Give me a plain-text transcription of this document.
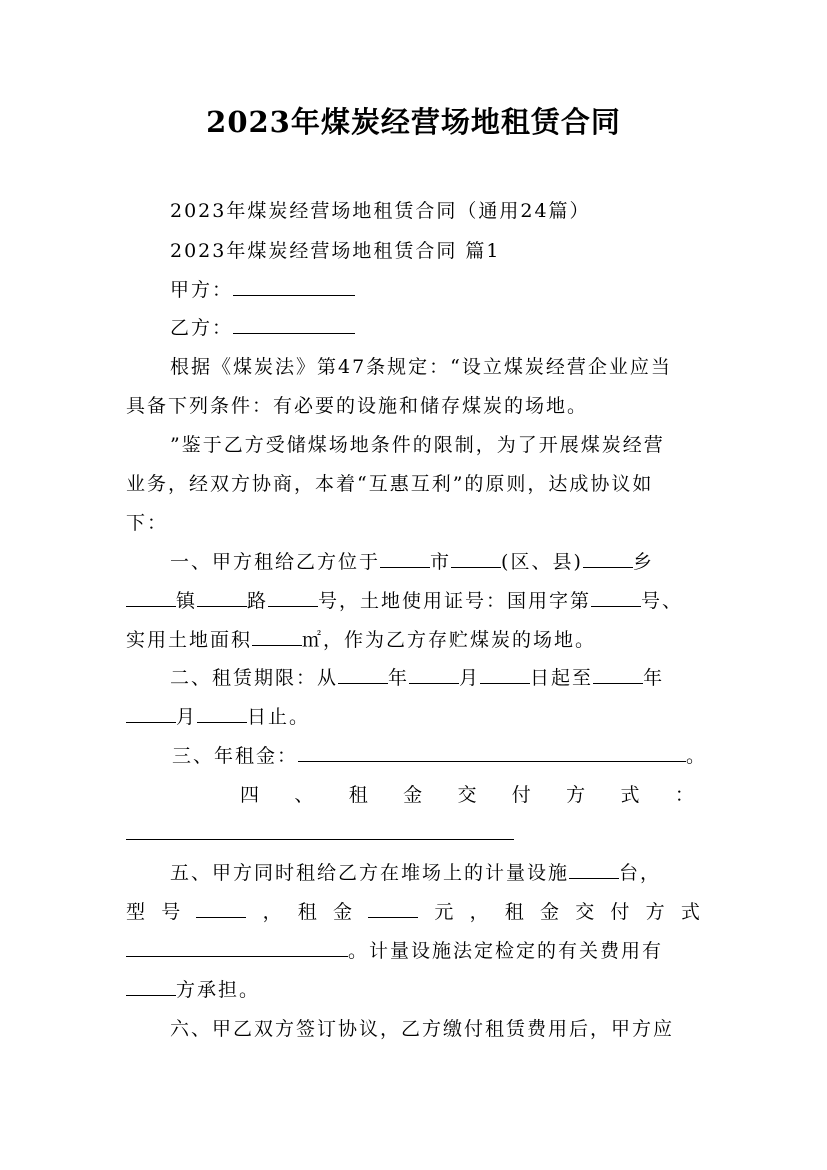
2023年煤炭经营场地租赁合同
2023年煤炭经营场地租赁合同（通用24篇）
2023年煤炭经营场地租赁合同 篇1
甲方：
乙方：
根据《煤炭法》第47条规定：“设立煤炭经营企业应当
具备下列条件：有必要的设施和储存煤炭的场地。
”鉴于乙方受储煤场地条件的限制，为了开展煤炭经营
业务，经双方协商，本着“互惠互利”的原则，达成协议如
下：
一、甲方租给乙方位于	市	(区、县)	乡
镇	路	号，土地使用证号：国用字第	号、
实用土地面积	㎡，作为乙方存贮煤炭的场地。
二、租赁期限：从	年	月	日起至	年
月	日止。
三、年租金：	。
四 、 租 金 交 付 方 式 ：
五、甲方同时租给乙方在堆场上的计量设施	台，
型 号	， 租 金	元 ， 租 金 交 付 方 式
。计量设施法定检定的有关费用有
方承担。
六、甲乙双方签订协议，乙方缴付租赁费用后，甲方应
